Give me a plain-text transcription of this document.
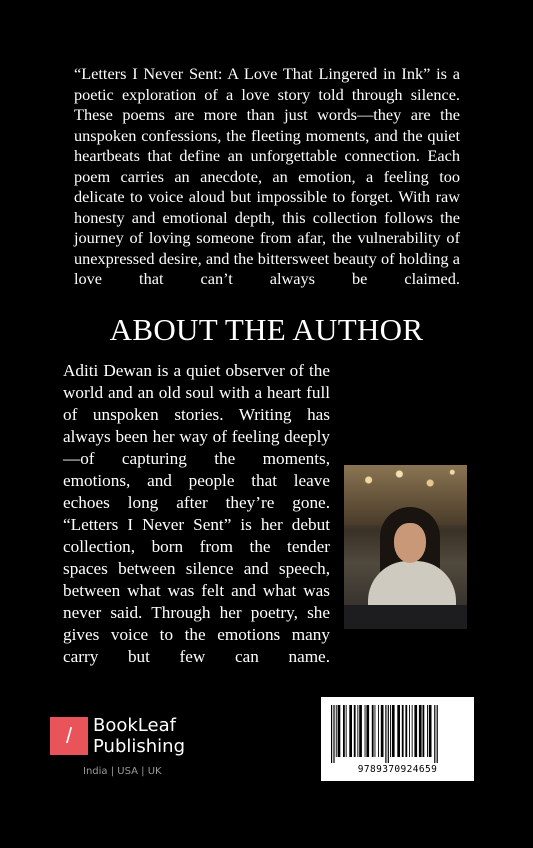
“Letters I Never Sent: A Love That Lingered in Ink” is a poetic exploration of a love story told through silence. These poems are more than just words—they are the unspoken confessions, the fleeting moments, and the quiet heartbeats that define an unforgettable connection. Each poem carries an anecdote, an emotion, a feeling too delicate to voice aloud but impossible to forget. With raw honesty and emotional depth, this collection follows the journey of loving someone from afar, the vulnerability of unexpressed desire, and the bittersweet beauty of holding a love that can’t always be claimed.

ABOUT THE AUTHOR

Aditi Dewan is a quiet observer of the world and an old soul with a heart full of unspoken stories. Writing has always been her way of feeling deeply—of capturing the moments, emotions, and people that leave echoes long after they’re gone. “Letters I Never Sent” is her debut collection, born from the tender spaces between silence and speech, between what was felt and what was never said. Through her poetry, she gives voice to the emotions many carry but few can name.

/ BookLeaf
Publishing
India | USA | UK	9789370924659
